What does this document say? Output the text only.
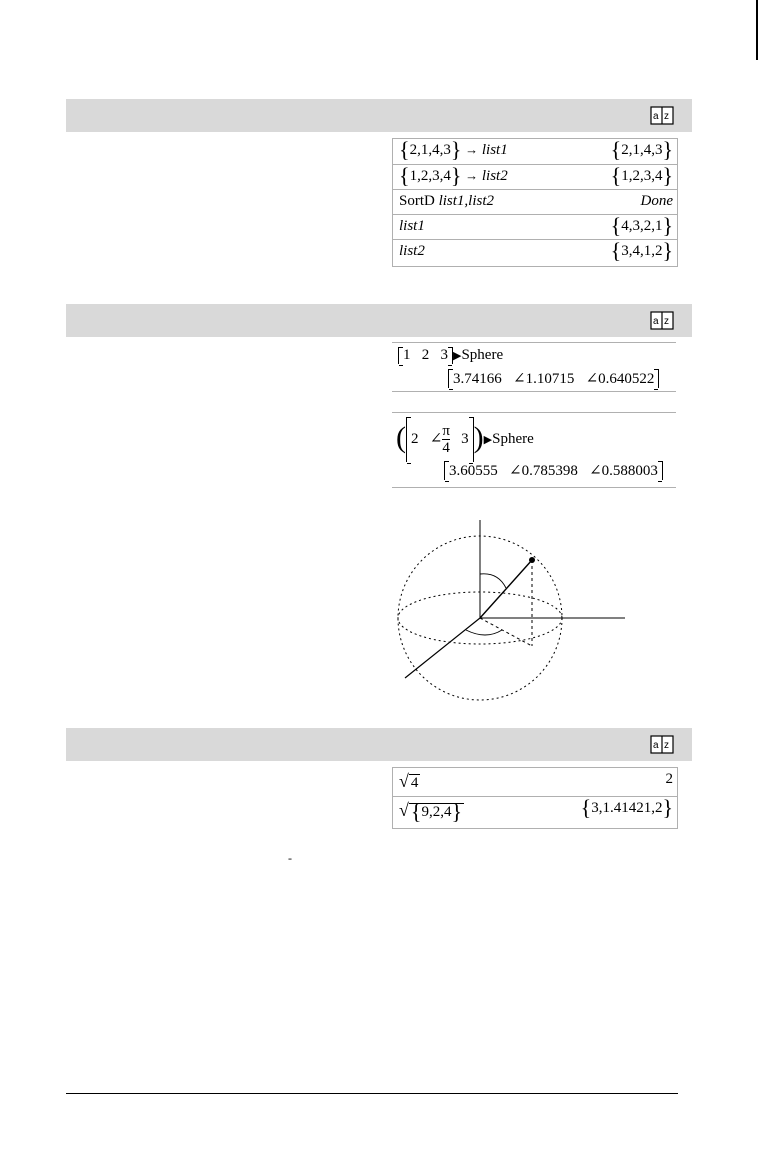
a z
{2,1,4,3} → list1	{2,1,4,3}
{1,2,3,4} → list2	{1,2,3,4}
SortD list1,list2	Done
list1	{4,3,2,1}
list2	{3,4,1,2}
a z
1 2 3 ▶Sphere
3.74166 ∠1.10715 ∠0.640522
( 2 ∠ $\frac{\pi}{4} 3$ )▶Sphere
3.60555 ∠0.785398 ∠0.588003
a z
√ 4	2
√{9,2,4}	{3,1.41421,2}
-
